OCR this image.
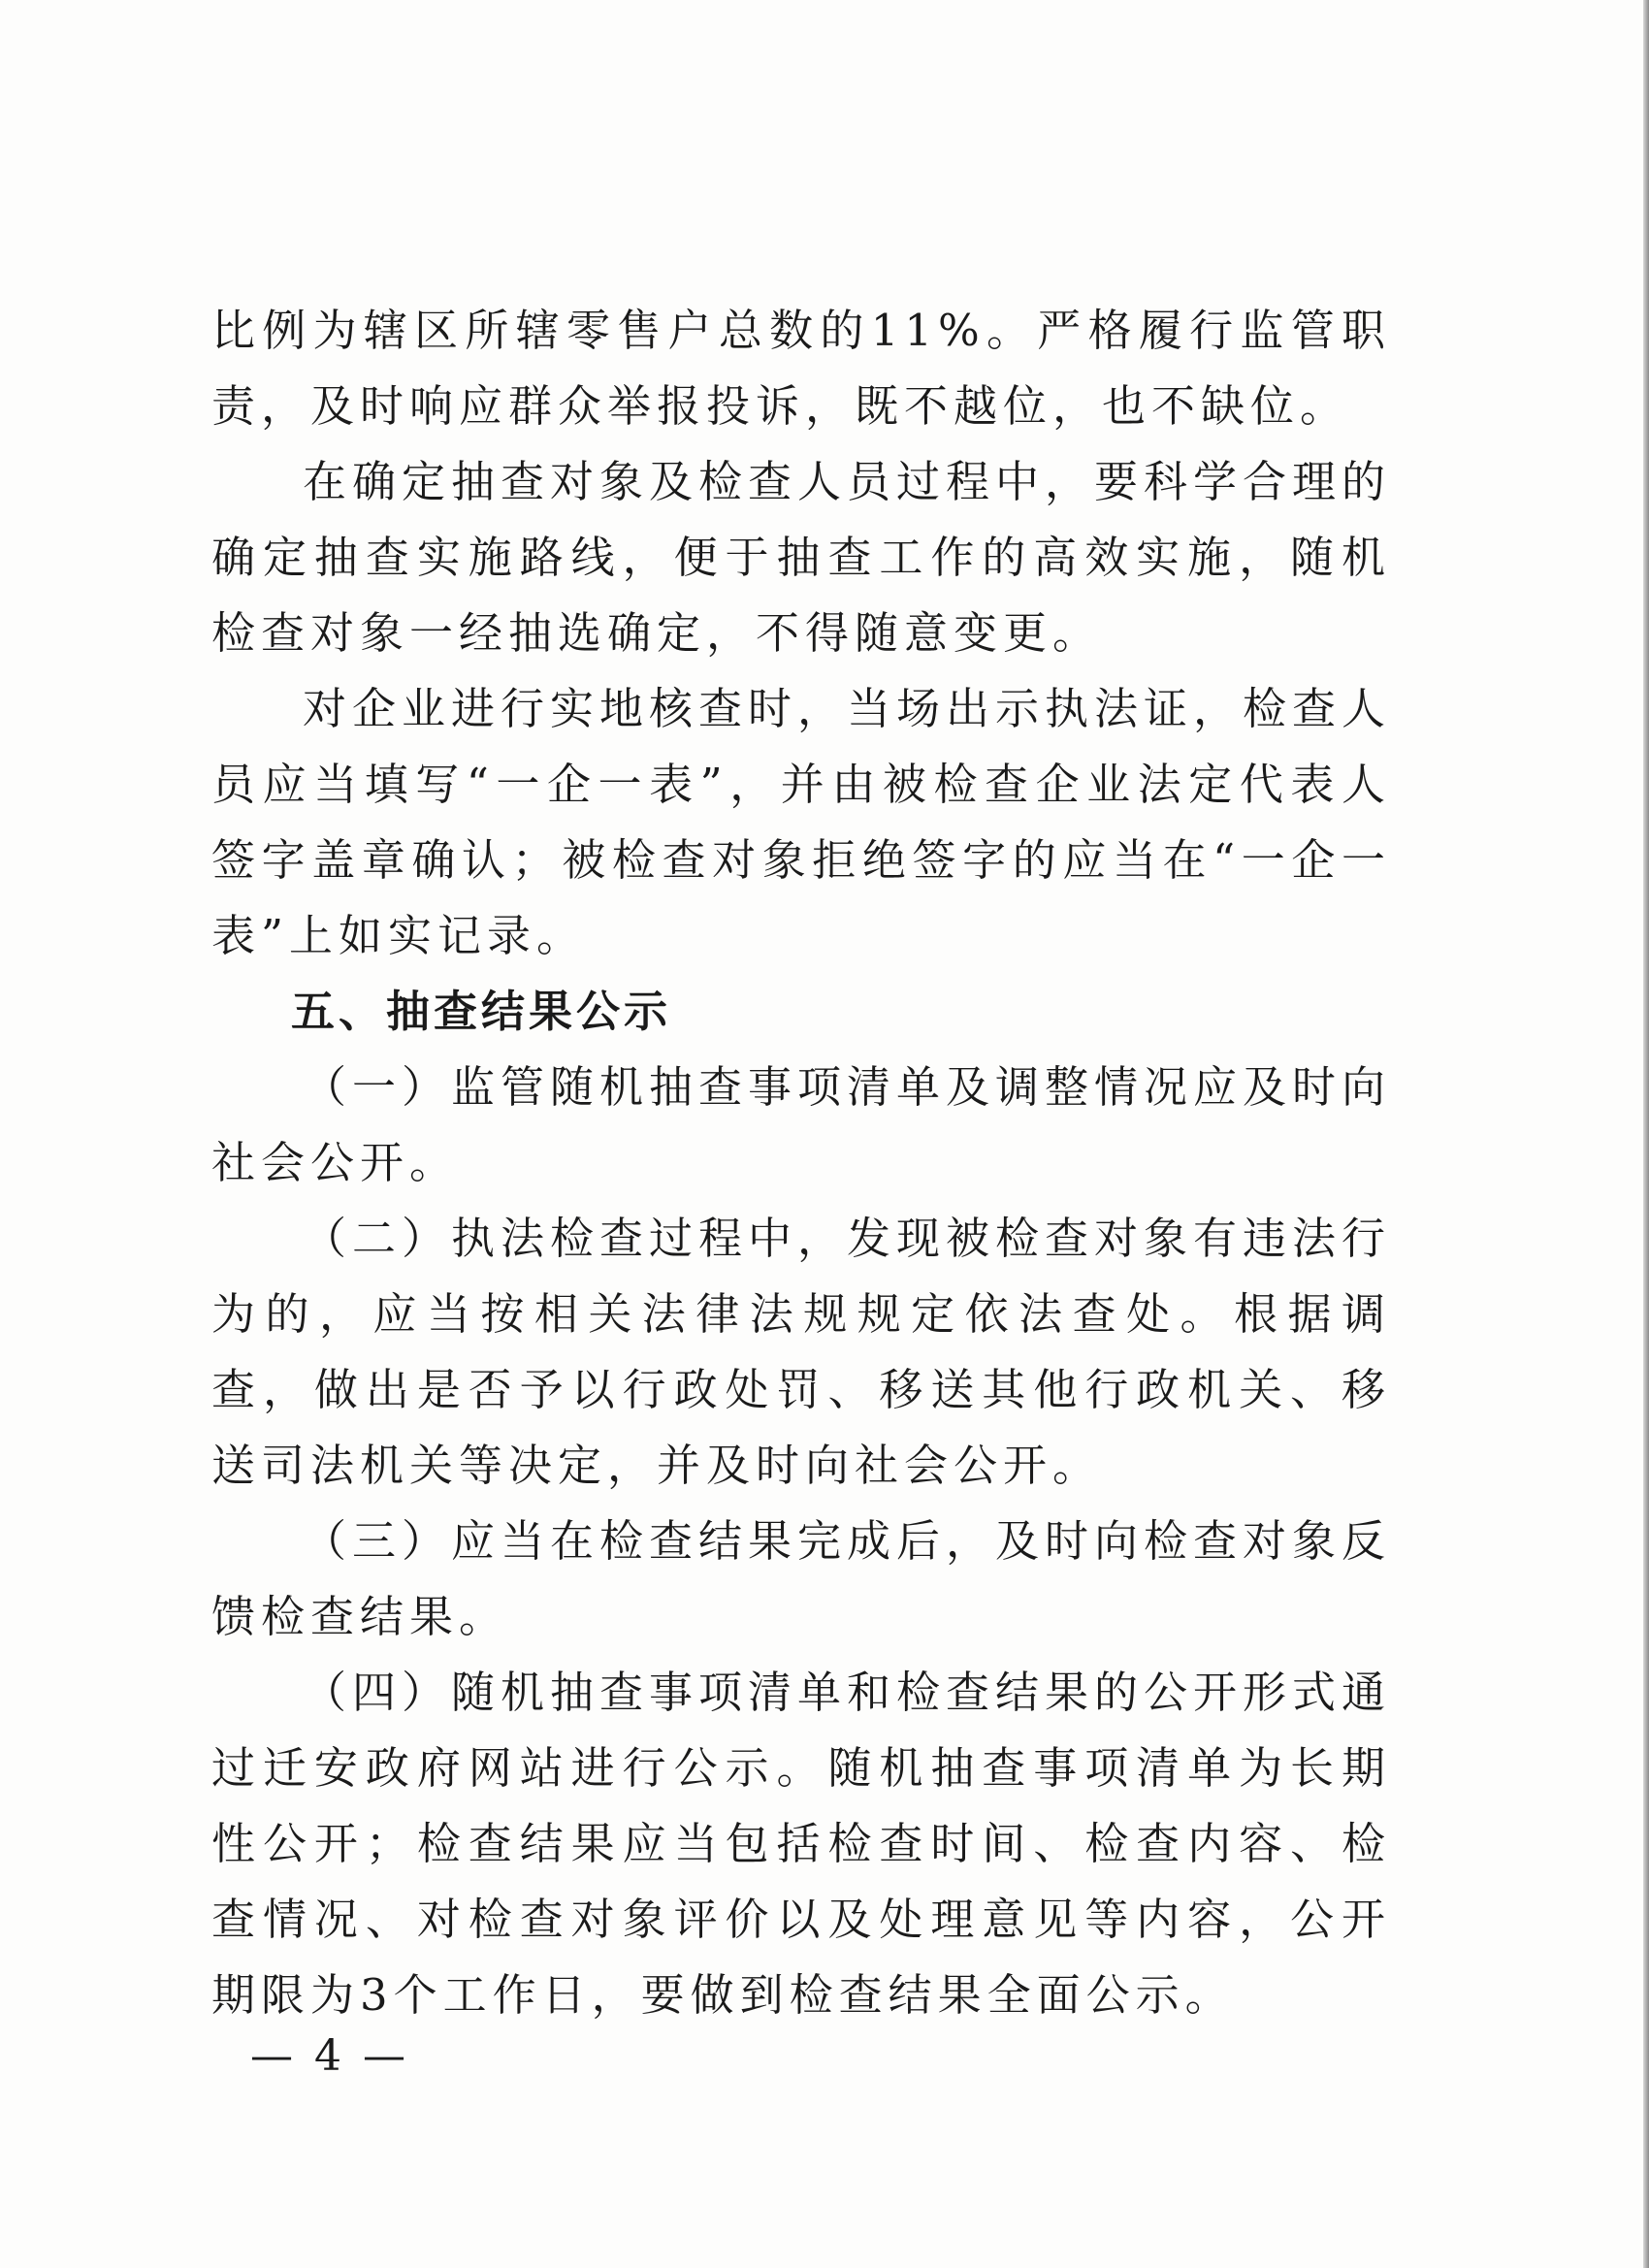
比例为辖区所辖零售户总数的11%。严格履行监管职责，及时响应群众举报投诉，既不越位，也不缺位。

在确定抽查对象及检查人员过程中，要科学合理的确定抽查实施路线，便于抽查工作的高效实施，随机检查对象一经抽选确定，不得随意变更。

对企业进行实地核查时，当场出示执法证，检查人员应当填写“一企一表”，并由被检查企业法定代表人签字盖章确认；被检查对象拒绝签字的应当在“一企一表”上如实记录。

五、抽查结果公示

（一）监管随机抽查事项清单及调整情况应及时向社会公开。

（二）执法检查过程中，发现被检查对象有违法行为的，应当按相关法律法规规定依法查处。根据调查，做出是否予以行政处罚、移送其他行政机关、移送司法机关等决定，并及时向社会公开。

（三）应当在检查结果完成后，及时向检查对象反馈检查结果。

（四）随机抽查事项清单和检查结果的公开形式通过迁安政府网站进行公示。随机抽查事项清单为长期性公开；检查结果应当包括检查时间、检查内容、检查情况、对检查对象评价以及处理意见等内容，公开期限为3个工作日，要做到检查结果全面公示。

— 4 —
